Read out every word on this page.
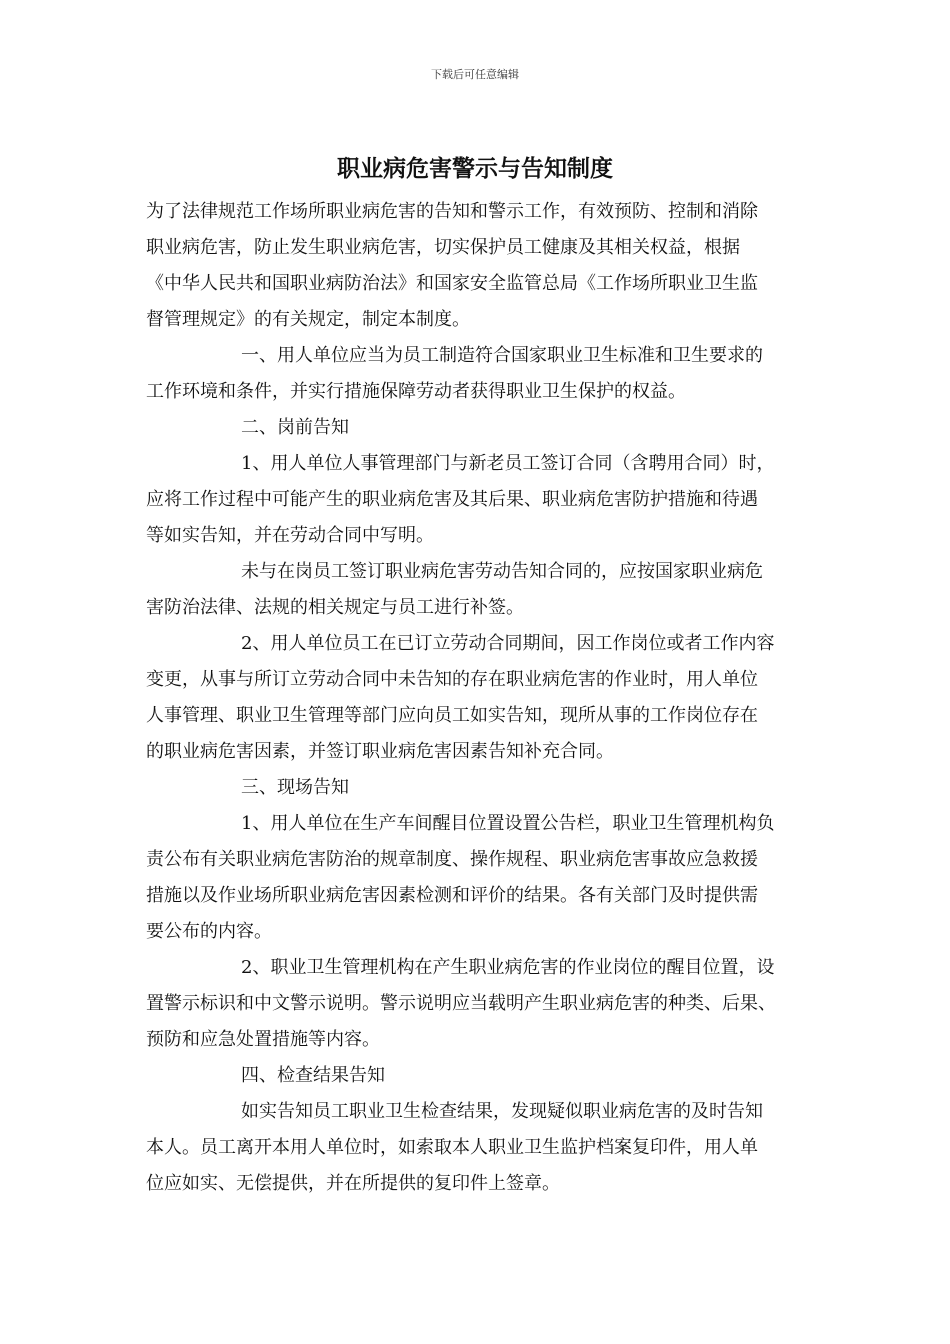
下载后可任意编辑
职业病危害警示与告知制度
为了法律规范工作场所职业病危害的告知和警示工作，有效预防、控制和消除
职业病危害，防止发生职业病危害，切实保护员工健康及其相关权益，根据
《中华人民共和国职业病防治法》和国家安全监管总局《工作场所职业卫生监
督管理规定》的有关规定，制定本制度。
一、用人单位应当为员工制造符合国家职业卫生标准和卫生要求的
工作环境和条件，并实行措施保障劳动者获得职业卫生保护的权益。
二、岗前告知
1、用人单位人事管理部门与新老员工签订合同（含聘用合同）时，
应将工作过程中可能产生的职业病危害及其后果、职业病危害防护措施和待遇
等如实告知，并在劳动合同中写明。
未与在岗员工签订职业病危害劳动告知合同的，应按国家职业病危
害防治法律、法规的相关规定与员工进行补签。
2、用人单位员工在已订立劳动合同期间，因工作岗位或者工作内容
变更，从事与所订立劳动合同中未告知的存在职业病危害的作业时，用人单位
人事管理、职业卫生管理等部门应向员工如实告知，现所从事的工作岗位存在
的职业病危害因素，并签订职业病危害因素告知补充合同。
三、现场告知
1、用人单位在生产车间醒目位置设置公告栏，职业卫生管理机构负
责公布有关职业病危害防治的规章制度、操作规程、职业病危害事故应急救援
措施以及作业场所职业病危害因素检测和评价的结果。各有关部门及时提供需
要公布的内容。
2、职业卫生管理机构在产生职业病危害的作业岗位的醒目位置，设
置警示标识和中文警示说明。警示说明应当载明产生职业病危害的种类、后果、
预防和应急处置措施等内容。
四、检查结果告知
如实告知员工职业卫生检查结果，发现疑似职业病危害的及时告知
本人。员工离开本用人单位时，如索取本人职业卫生监护档案复印件，用人单
位应如实、无偿提供，并在所提供的复印件上签章。
